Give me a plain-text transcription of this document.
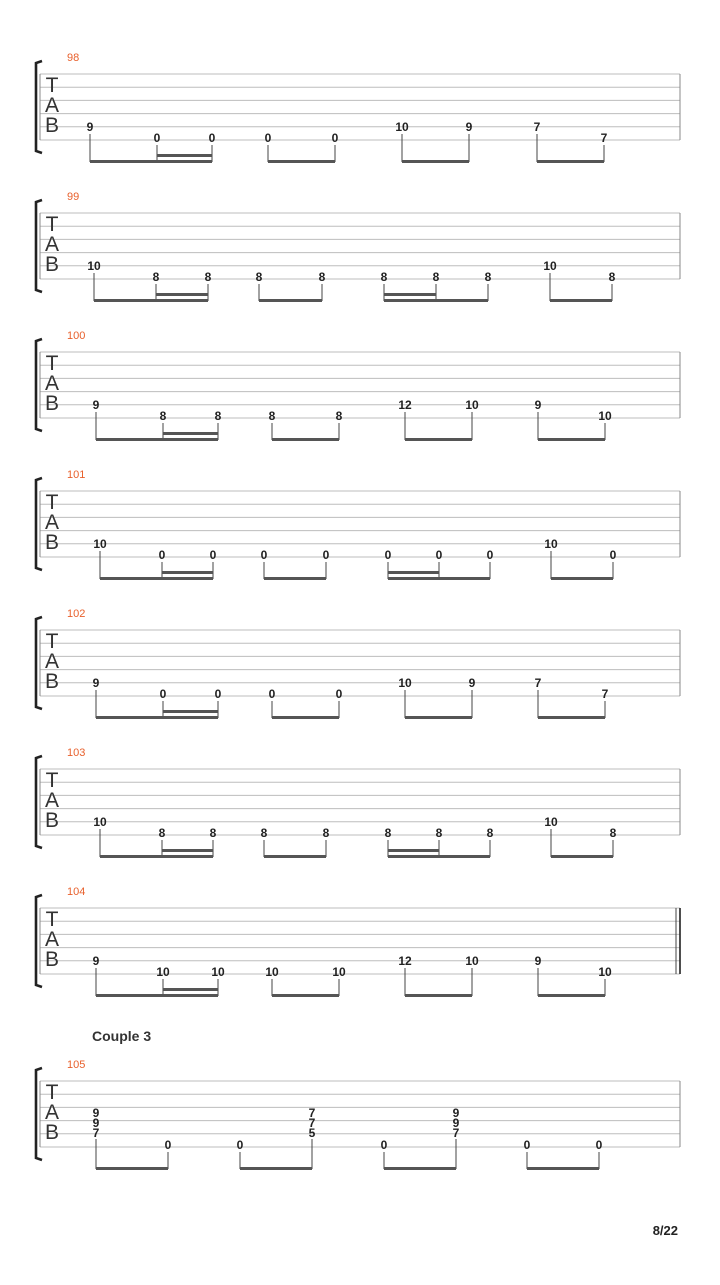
98
T
A
B 9
0	0	0	0
10	9	7
7
99
T
A
B 10
8	8	8	8	8	8	8
10
8
100
T
A
B	9
8	8	8	8
12	10	9
10
101
T
A
B	10
0	0	0	0	0	0	0
10
0
102
T
A
B	9
0	0	0	0
10	9	7
7
103
T
A
B	10
8	8	8	8	8	8	8
10
8
104
T
A
B	9
10	10	10	10
12	10	9
10
Couple 3
105
T
A
B
9
9
7
0	0
7
7
5
0
9
9
7
0	0
8/22
